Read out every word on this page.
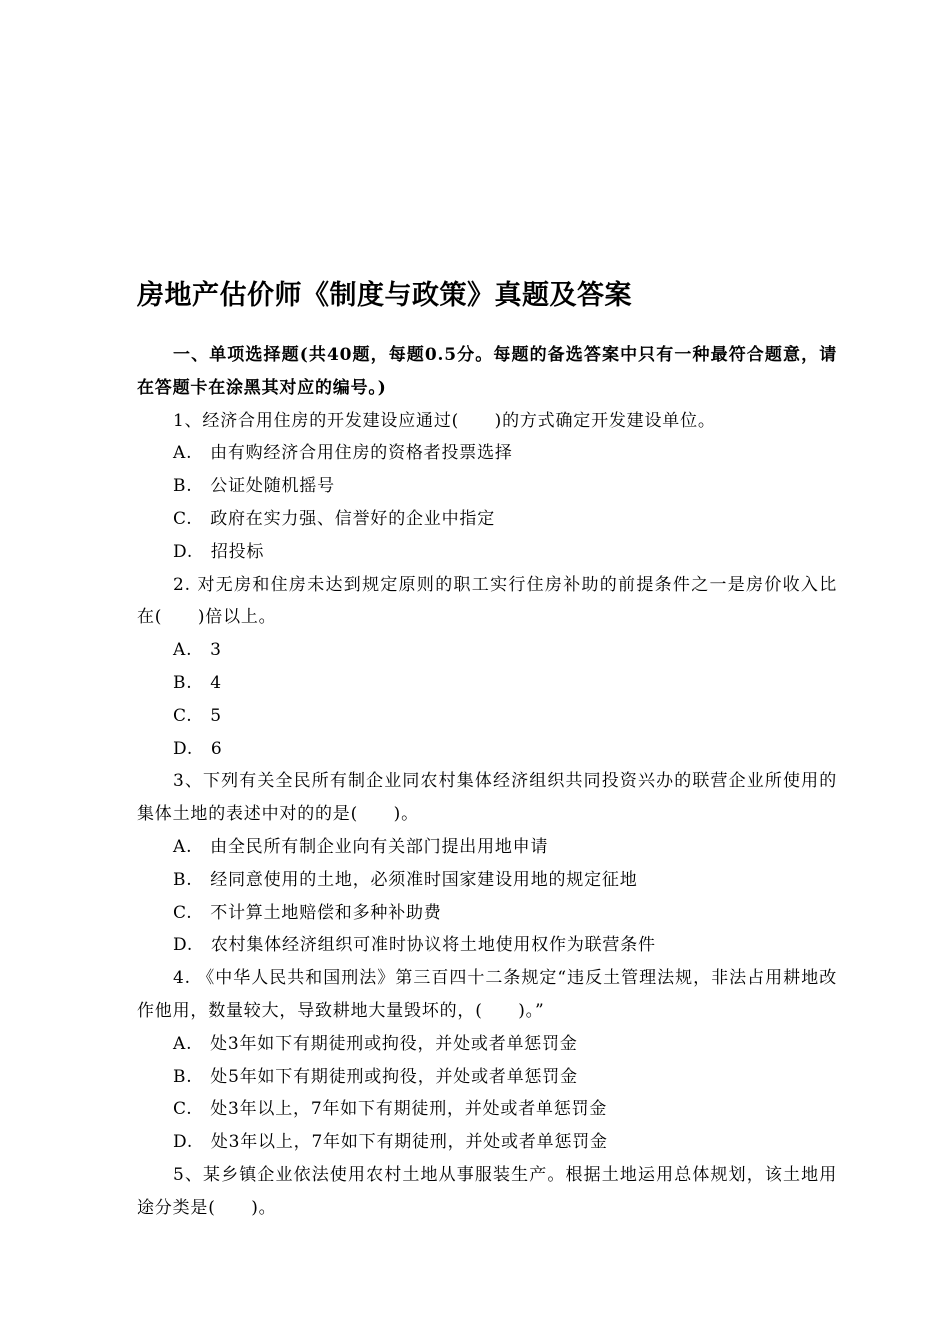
房地产估价师《制度与政策》真题及答案

一、单项选择题(共40题，每题0.5分。每题的备选答案中只有一种最符合题意，请在答题卡在涂黑其对应的编号。)

1、经济合用住房的开发建设应通过(　　)的方式确定开发建设单位。

A.　由有购经济合用住房的资格者投票选择

B.　公证处随机摇号

C.　政府在实力强、信誉好的企业中指定

D.　招投标

2. 对无房和住房未达到规定原则的职工实行住房补助的前提条件之一是房价收入比在(　　)倍以上。

A.　3

B.　4

C.　5

D.　6

3、下列有关全民所有制企业同农村集体经济组织共同投资兴办的联营企业所使用的集体土地的表述中对的的是(　　)。

A.　由全民所有制企业向有关部门提出用地申请

B.　经同意使用的土地，必须准时国家建设用地的规定征地

C.　不计算土地赔偿和多种补助费

D.　农村集体经济组织可准时协议将土地使用权作为联营条件

4. 《中华人民共和国刑法》第三百四十二条规定“违反土管理法规，非法占用耕地改作他用，数量较大，导致耕地大量毁坏的，(　　)。”

A.　处3年如下有期徒刑或拘役，并处或者单惩罚金

B.　处5年如下有期徒刑或拘役，并处或者单惩罚金

C.　处3年以上，7年如下有期徒刑，并处或者单惩罚金

D.　处3年以上，7年如下有期徒刑，并处或者单惩罚金

5、某乡镇企业依法使用农村土地从事服装生产。根据土地运用总体规划，该土地用途分类是(　　)。
